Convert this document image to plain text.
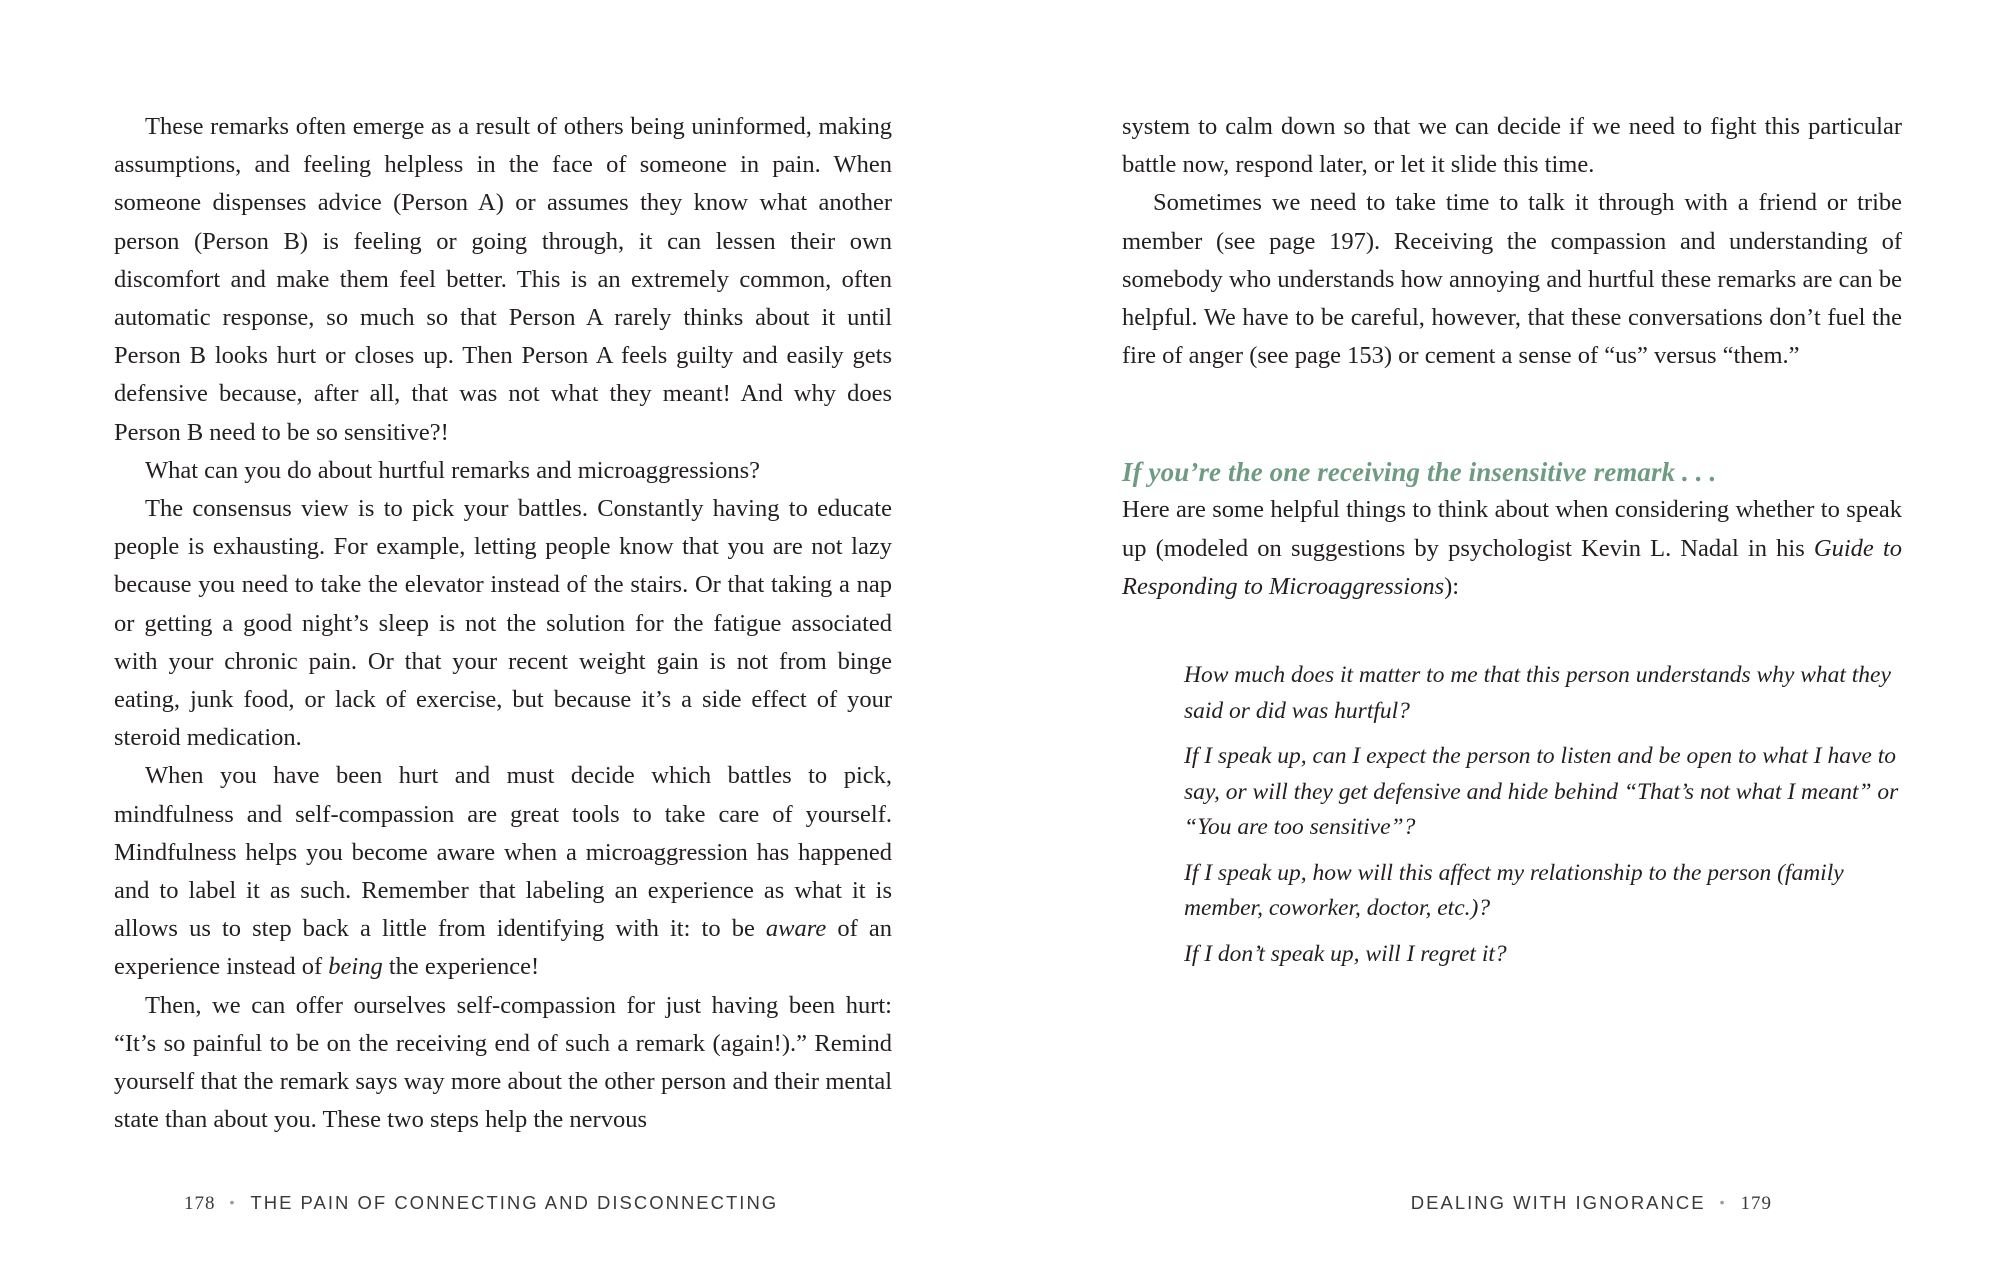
These remarks often emerge as a result of others being uninformed, making assumptions, and feeling helpless in the face of someone in pain. When someone dispenses advice (Person A) or assumes they know what another person (Person B) is feeling or going through, it can lessen their own discomfort and make them feel better. This is an extremely common, often automatic response, so much so that Person A rarely thinks about it until Person B looks hurt or closes up. Then Person A feels guilty and easily gets defensive because, after all, that was not what they meant! And why does Person B need to be so sensitive?!

What can you do about hurtful remarks and microaggressions?

The consensus view is to pick your battles. Constantly having to educate people is exhausting. For example, letting people know that you are not lazy because you need to take the elevator instead of the stairs. Or that taking a nap or getting a good night’s sleep is not the solution for the fatigue associated with your chronic pain. Or that your recent weight gain is not from binge eating, junk food, or lack of exercise, but because it’s a side effect of your steroid medication.

When you have been hurt and must decide which battles to pick, mindfulness and self-compassion are great tools to take care of yourself. Mindfulness helps you become aware when a microaggression has happened and to label it as such. Remember that labeling an experience as what it is allows us to step back a little from identifying with it: to be aware of an experience instead of being the experience!

Then, we can offer ourselves self-compassion for just having been hurt: “It’s so painful to be on the receiving end of such a remark (again!).” Remind yourself that the remark says way more about the other person and their mental state than about you. These two steps help the nervous

178 • THE PAIN OF CONNECTING AND DISCONNECTING

system to calm down so that we can decide if we need to fight this particular battle now, respond later, or let it slide this time.

Sometimes we need to take time to talk it through with a friend or tribe member (see page 197). Receiving the compassion and understanding of somebody who understands how annoying and hurtful these remarks are can be helpful. We have to be careful, however, that these conversations don’t fuel the fire of anger (see page 153) or cement a sense of “us” versus “them.”

If you’re the one receiving the insensitive remark . . .

Here are some helpful things to think about when considering whether to speak up (modeled on suggestions by psychologist Kevin L. Nadal in his Guide to Responding to Microaggressions):

How much does it matter to me that this person understands why what they said or did was hurtful?

If I speak up, can I expect the person to listen and be open to what I have to say, or will they get defensive and hide behind “That’s not what I meant” or “You are too sensitive”?

If I speak up, how will this affect my relationship to the person (family member, coworker, doctor, etc.)?

If I don’t speak up, will I regret it?

DEALING WITH IGNORANCE • 179
